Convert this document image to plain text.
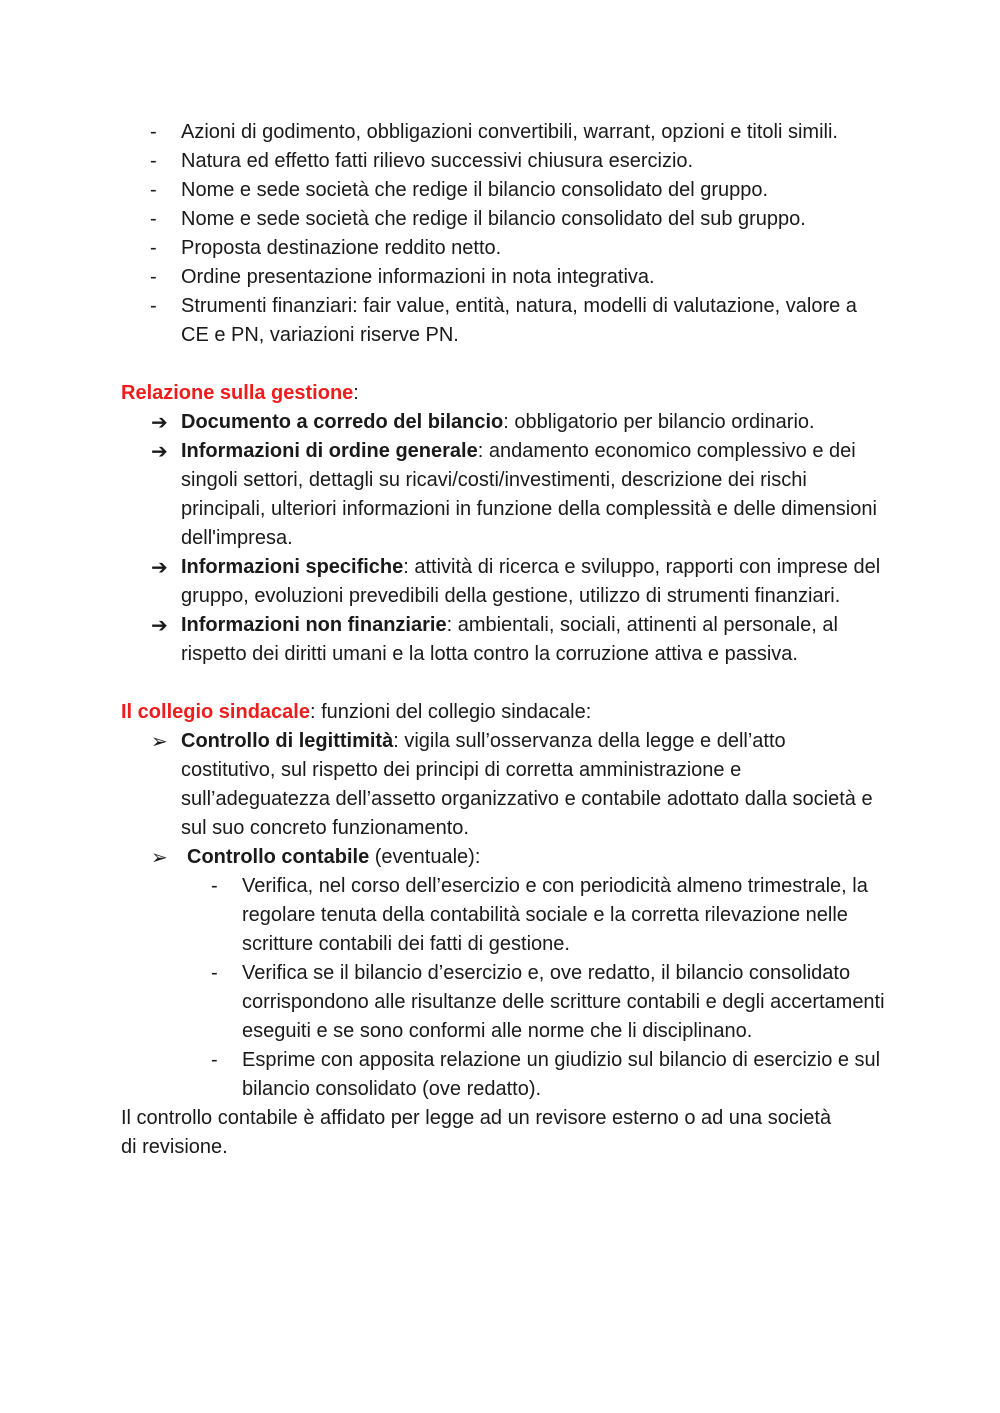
- Azioni di godimento, obbligazioni convertibili, warrant, opzioni e titoli simili.
- Natura ed effetto fatti rilievo successivi chiusura esercizio.
- Nome e sede società che redige il bilancio consolidato del gruppo.
- Nome e sede società che redige il bilancio consolidato del sub gruppo.
- Proposta destinazione reddito netto.
- Ordine presentazione informazioni in nota integrativa.
- Strumenti finanziari: fair value, entità, natura, modelli di valutazione, valore a CE e PN, variazioni riserve PN.
Relazione sulla gestione:
➔ Documento a corredo del bilancio: obbligatorio per bilancio ordinario.
➔ Informazioni di ordine generale: andamento economico complessivo e dei singoli settori, dettagli su ricavi/costi/investimenti, descrizione dei rischi principali, ulteriori informazioni in funzione della complessità e delle dimensioni dell'impresa.
➔ Informazioni specifiche: attività di ricerca e sviluppo, rapporti con imprese del gruppo, evoluzioni prevedibili della gestione, utilizzo di strumenti finanziari.
➔ Informazioni non finanziarie: ambientali, sociali, attinenti al personale, al rispetto dei diritti umani e la lotta contro la corruzione attiva e passiva.
Il collegio sindacale: funzioni del collegio sindacale:
➢ Controllo di legittimità: vigila sull’osservanza della legge e dell’atto costitutivo, sul rispetto dei principi di corretta amministrazione e sull’adeguatezza dell’assetto organizzativo e contabile adottato dalla società e sul suo concreto funzionamento.
➢ Controllo contabile (eventuale):
- Verifica, nel corso dell’esercizio e con periodicità almeno trimestrale, la regolare tenuta della contabilità sociale e la corretta rilevazione nelle scritture contabili dei fatti di gestione.
- Verifica se il bilancio d’esercizio e, ove redatto, il bilancio consolidato corrispondono alle risultanze delle scritture contabili e degli accertamenti eseguiti e se sono conformi alle norme che li disciplinano.
- Esprime con apposita relazione un giudizio sul bilancio di esercizio e sul bilancio consolidato (ove redatto).
Il controllo contabile è affidato per legge ad un revisore esterno o ad una società di revisione.
